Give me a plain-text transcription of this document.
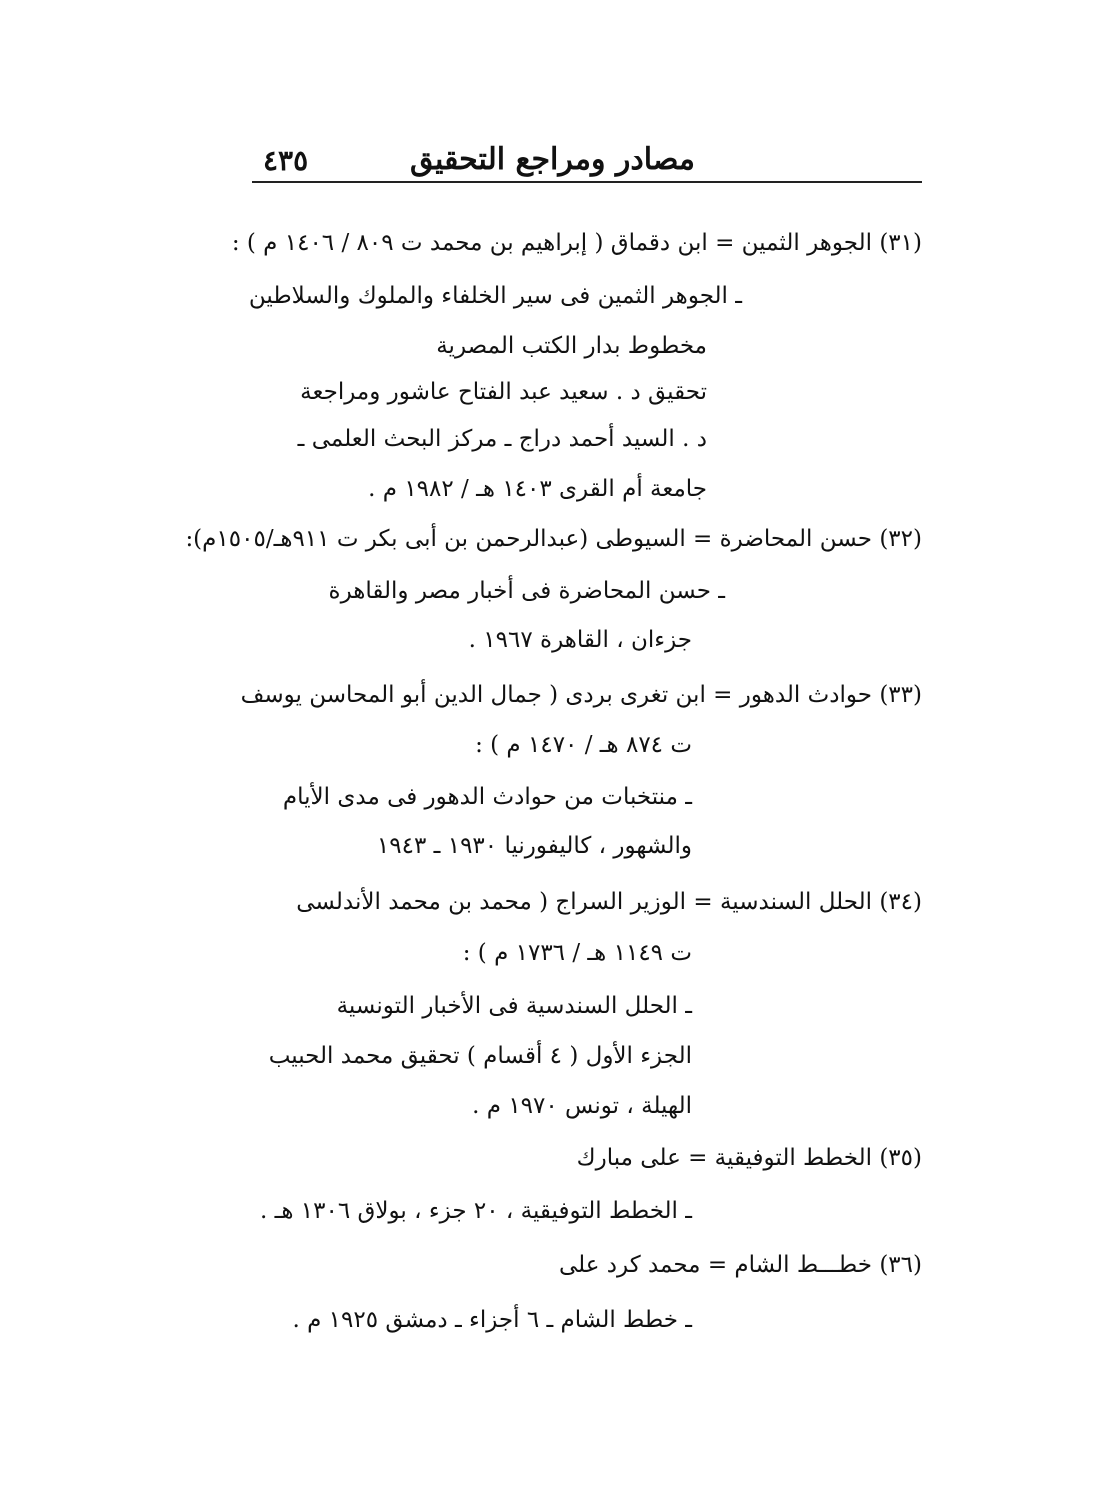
٤٣٥	مصادر ومراجع التحقيق
(٣١) الجوهر الثمين = ابن دقماق ( إبراهيم بن محمد ت ٨٠٩ / ١٤٠٦ م ) :
ـ الجوهر الثمين فى سير الخلفاء والملوك والسلاطين
مخطوط بدار الكتب المصرية
تحقيق د . سعيد عبد الفتاح عاشور ومراجعة
د . السيد أحمد دراج ـ مركز البحث العلمى ـ
جامعة أم القرى ١٤٠٣ هـ / ١٩٨٢ م .
(٣٢) حسن المحاضرة = السيوطى (عبدالرحمن بن أبى بكر ت ٩١١هـ/١٥٠٥م):
ـ حسن المحاضرة فى أخبار مصر والقاهرة
جزءان ، القاهرة ١٩٦٧ .
(٣٣) حوادث الدهور = ابن تغرى بردى ( جمال الدين أبو المحاسن يوسف
ت ٨٧٤ هـ / ١٤٧٠ م ) :
ـ منتخبات من حوادث الدهور فى مدى الأيام
والشهور ، كاليفورنيا ١٩٣٠ ـ ١٩٤٣
(٣٤) الحلل السندسية = الوزير السراج ( محمد بن محمد الأندلسى
ت ١١٤٩ هـ / ١٧٣٦ م ) :
ـ الحلل السندسية فى الأخبار التونسية
الجزء الأول ( ٤ أقسام ) تحقيق محمد الحبيب
الهيلة ، تونس ١٩٧٠ م .
(٣٥) الخطط التوفيقية = على مبارك
ـ الخطط التوفيقية ، ٢٠ جزء ، بولاق ١٣٠٦ هـ .
(٣٦) خطـــط الشام = محمد كرد على
ـ خطط الشام ـ ٦ أجزاء ـ دمشق ١٩٢٥ م .
